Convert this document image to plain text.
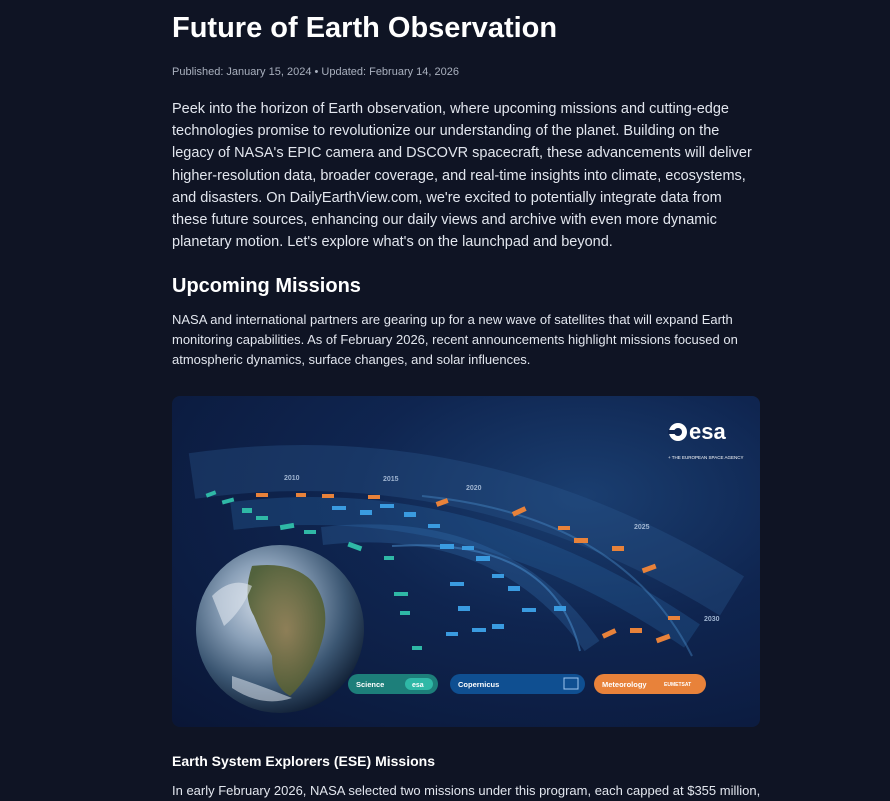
Future of Earth Observation
Published: January 15, 2024 • Updated: February 14, 2026
Peek into the horizon of Earth observation, where upcoming missions and cutting-edge technologies promise to revolutionize our understanding of the planet. Building on the legacy of NASA's EPIC camera and DSCOVR spacecraft, these advancements will deliver higher-resolution data, broader coverage, and real-time insights into climate, ecosystems, and disasters. On DailyEarthView.com, we're excited to potentially integrate data from these future sources, enhancing our daily views and archive with even more dynamic planetary motion. Let's explore what's on the launchpad and beyond.
Upcoming Missions
NASA and international partners are gearing up for a new wave of satellites that will expand Earth monitoring capabilities. As of February 2026, recent announcements highlight missions focused on atmospheric dynamics, surface changes, and solar influences.
2010	2015
2020
2025
2030
esa
+ THE EUROPEAN SPACE AGENCY
Science	esa	Copernicus	Meteorology	EUMETSAT
Earth System Explorers (ESE) Missions

In early February 2026, NASA selected two missions under this program, each capped at $355 million,
